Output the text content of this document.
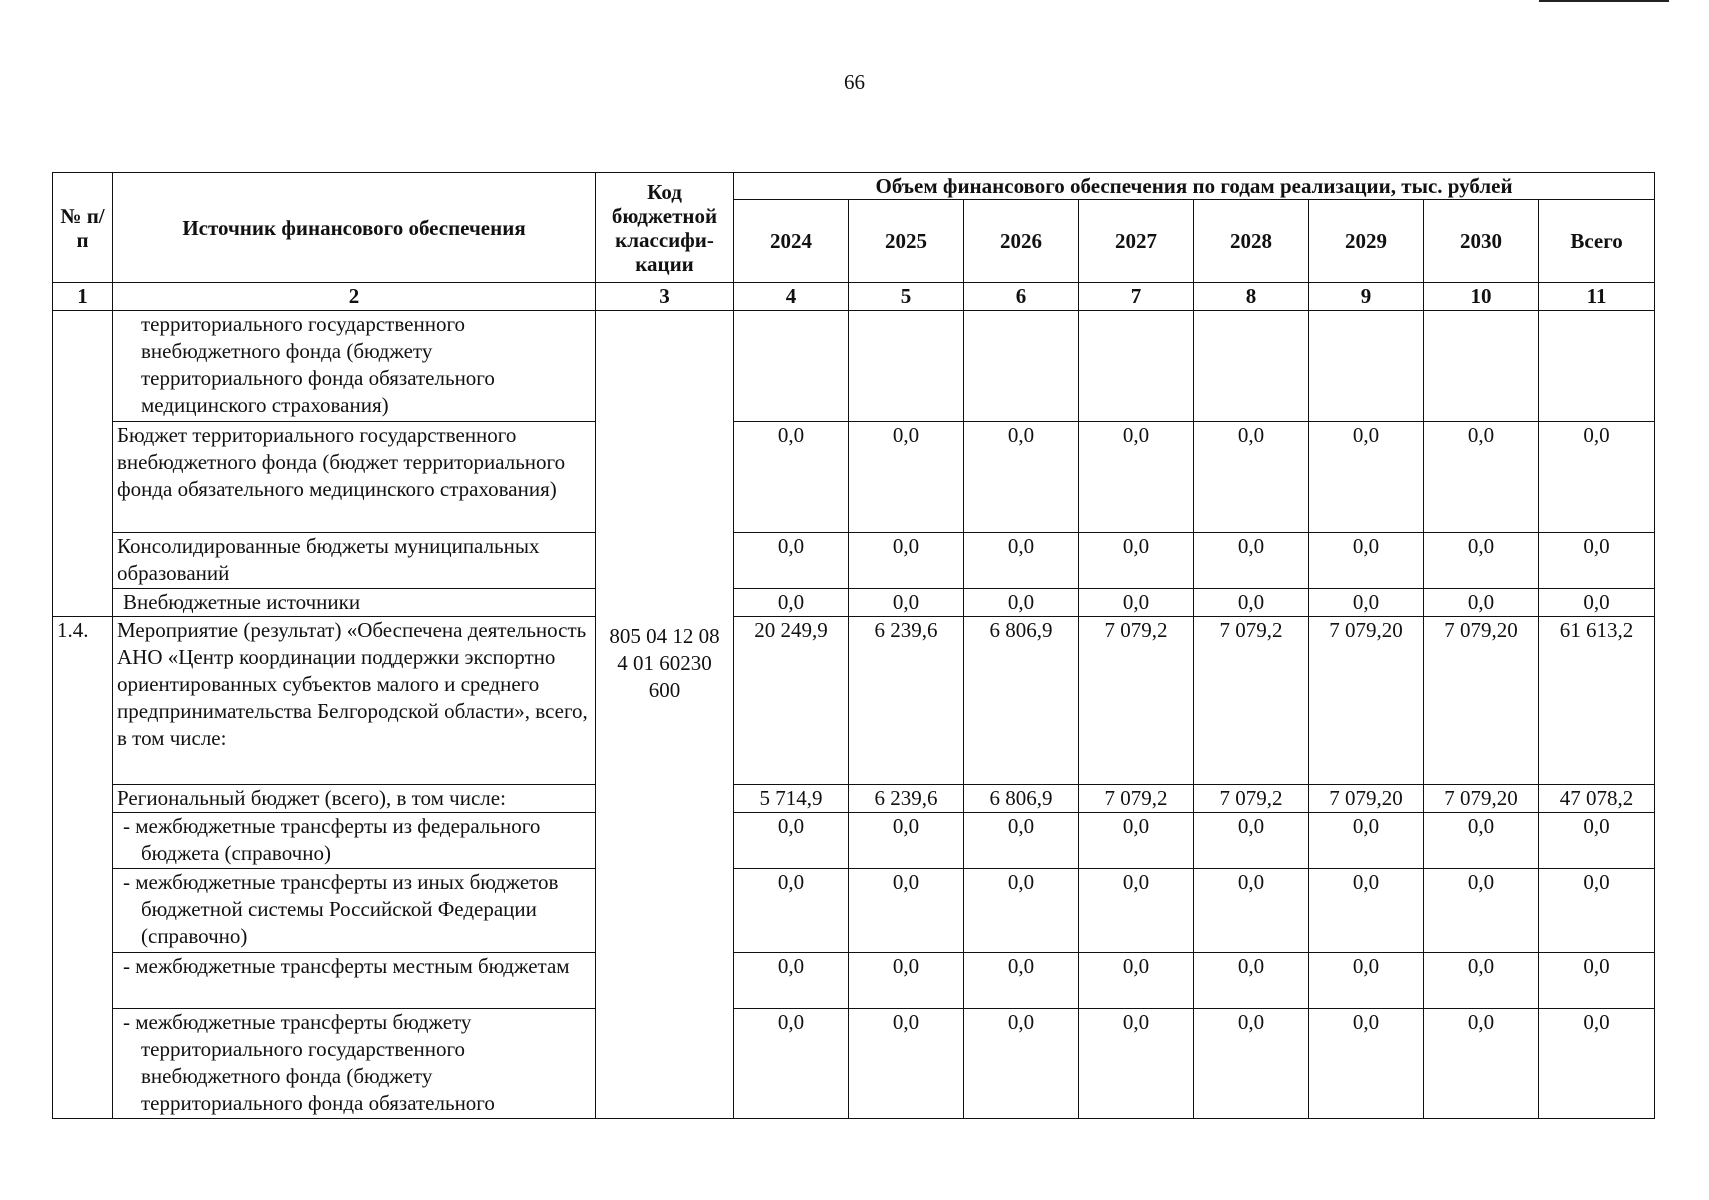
66
№ п/п	Источник финансового обеспечения	Код бюджетной классифи-кации	Объем финансового обеспечения по годам реализации, тыс. рублей							
			2024	2025	2026	2027	2028	2029	2030	Всего
1	2	3	4	5	6	7	8	9	10	11
	территориального государственного внебюджетного фонда (бюджету территориального фонда обязательного медицинского страхования)	805 04 12 08 4 01 60230 600								

	Бюджет территориального государственного внебюджетного фонда (бюджет территориального фонда обязательного медицинского страхования)		0,0	0,0	0,0	0,0	0,0	0,0	0,0	0,0
	Консолидированные бюджеты муниципальных образований		0,0	0,0	0,0	0,0	0,0	0,0	0,0	0,0
	Внебюджетные источники		0,0	0,0	0,0	0,0	0,0	0,0	0,0	0,0
1.4.	Мероприятие (результат) «Обеспечена деятельность АНО «Центр координации поддержки экспортно ориентированных субъектов малого и среднего предпринимательства Белгородской области», всего, в том числе:		20 249,9	6 239,6	6 806,9	7 079,2	7 079,2	7 079,20	7 079,20	61 613,2
	Региональный бюджет (всего), в том числе:		5 714,9	6 239,6	6 806,9	7 079,2	7 079,2	7 079,20	7 079,20	47 078,2
	- межбюджетные трансферты из федерального бюджета (справочно)		0,0	0,0	0,0	0,0	0,0	0,0	0,0	0,0
	- межбюджетные трансферты из иных бюджетов бюджетной системы Российской Федерации (справочно)		0,0	0,0	0,0	0,0	0,0	0,0	0,0	0,0
	- межбюджетные трансферты местным бюджетам		0,0	0,0	0,0	0,0	0,0	0,0	0,0	0,0
	- межбюджетные трансферты бюджету территориального государственного внебюджетного фонда (бюджету территориального фонда обязательного		0,0	0,0	0,0	0,0	0,0	0,0	0,0	0,0
